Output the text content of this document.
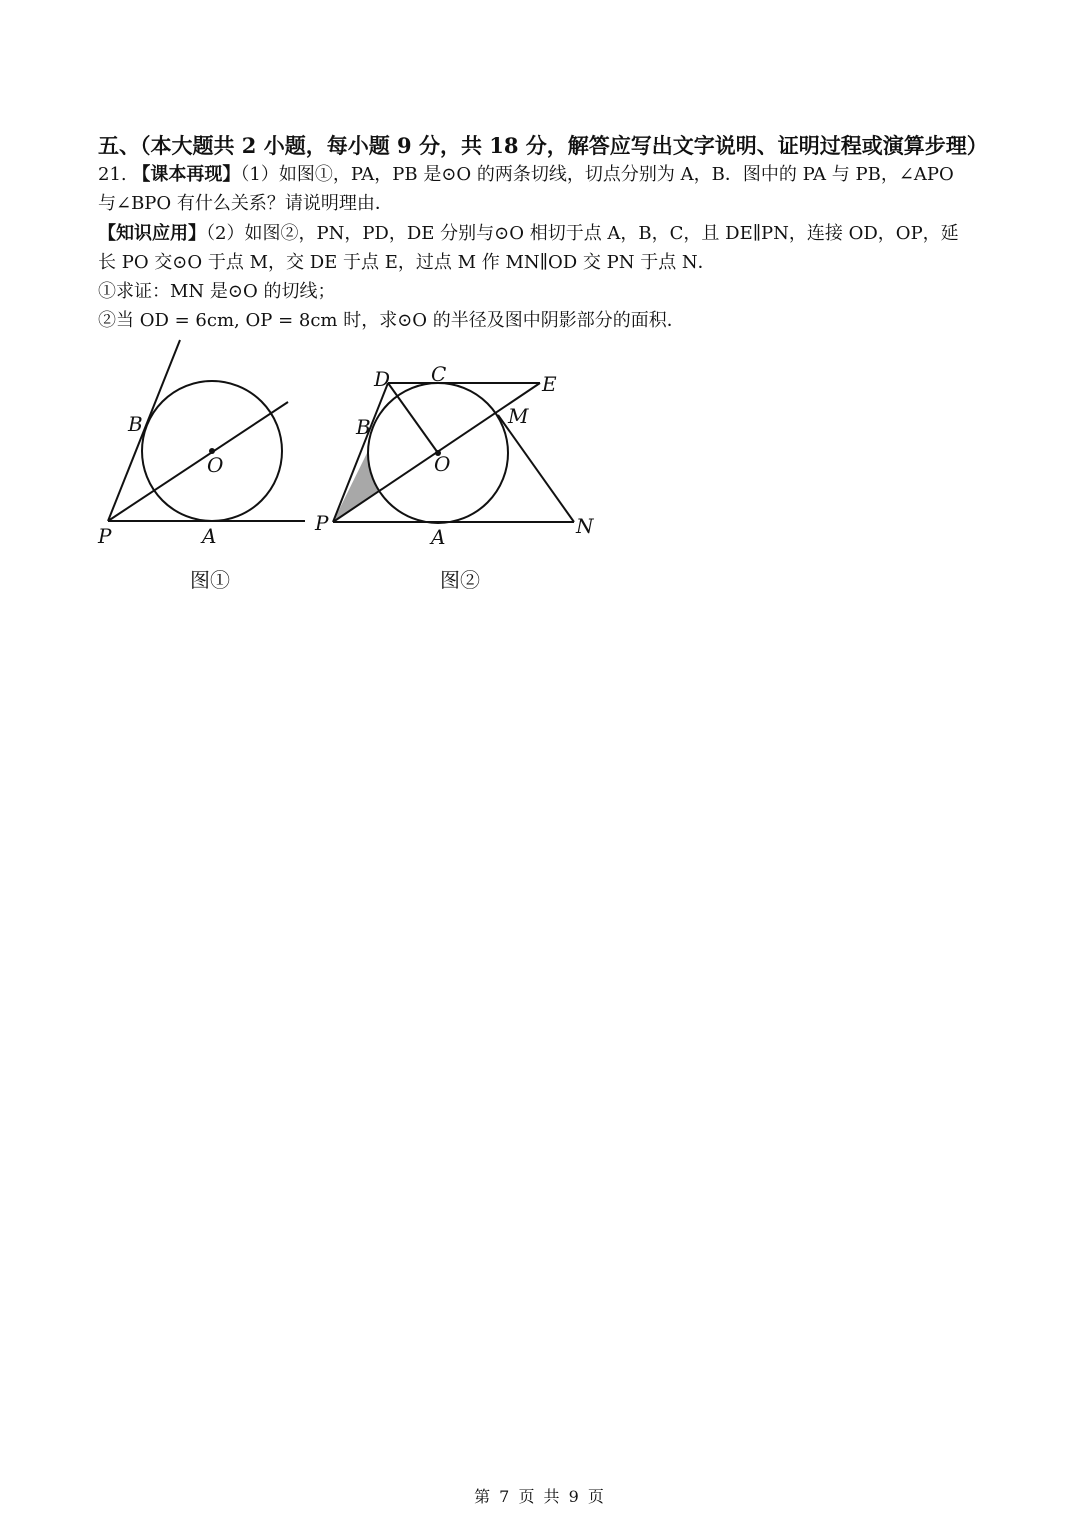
五、（本大题共 2 小题，每小题 9 分，共 18 分，解答应写出文字说明、证明过程或演算步理）
21. 【课本再现】（1）如图①，PA，PB 是⊙O 的两条切线，切点分别为 A，B．图中的 PA 与 PB，∠APO
与∠BPO 有什么关系？请说明理由．
【知识应用】（2）如图②，PN，PD，DE 分别与⊙O 相切于点 A，B，C，且 DE∥PN，连接 OD，OP，延
长 PO 交⊙O 于点 M，交 DE 于点 E，过点 M 作 MN∥OD 交 PN 于点 N．
①求证：MN 是⊙O 的切线；
②当 OD = 6cm, OP = 8cm 时，求⊙O 的半径及图中阴影部分的面积．
P	A
B
O
图①
D C	E
M
B
O
P
A	N
图②
第 7 页 共 9 页
